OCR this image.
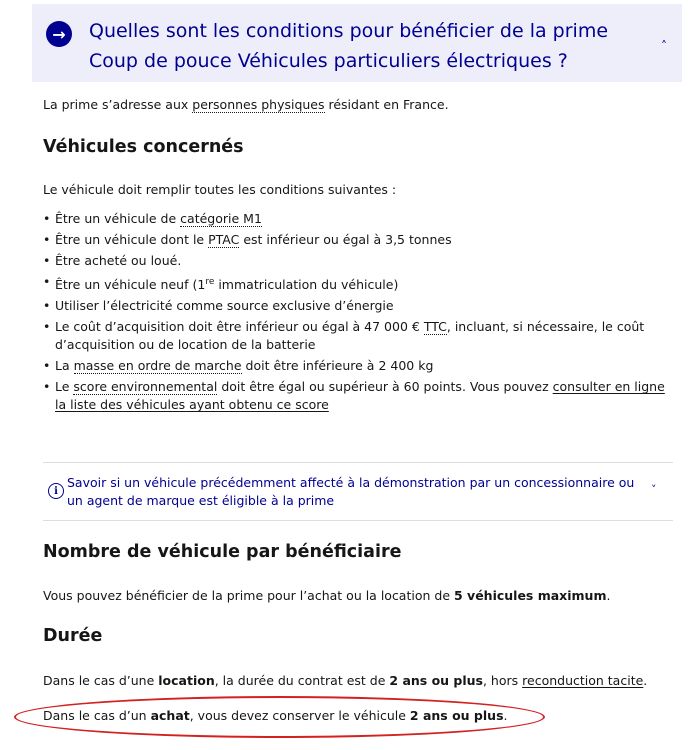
→	Quelles sont les conditions pour bénéficier de la prime Coup de pouce Véhicules particuliers électriques ?
˄
La prime s’adresse aux personnes physiques résidant en France.
Véhicules concernés
Le véhicule doit remplir toutes les conditions suivantes :
• Être un véhicule de catégorie M1
• Être un véhicule dont le PTAC est inférieur ou égal à 3,5 tonnes
• Être acheté ou loué.
• Être un véhicule neuf (1re immatriculation du véhicule)
• Utiliser l’électricité comme source exclusive d’énergie
• Le coût d’acquisition doit être inférieur ou égal à 47 000 € TTC, incluant, si nécessaire, le coût d’acquisition ou de location de la batterie
• La masse en ordre de marche doit être inférieure à 2 400 kg
• Le score environnemental doit être égal ou supérieur à 60 points. Vous pouvez consulter en ligne la liste des véhicules ayant obtenu ce score
i
Savoir si un véhicule précédemment affecté à la démonstration par un concessionnaire ou un agent de marque est éligible à la prime
˅
Nombre de véhicule par bénéficiaire
Vous pouvez bénéficier de la prime pour l’achat ou la location de 5 véhicules maximum.
Durée
Dans le cas d’une location, la durée du contrat est de 2 ans ou plus, hors reconduction tacite.
Dans le cas d’un achat, vous devez conserver le véhicule 2 ans ou plus.
